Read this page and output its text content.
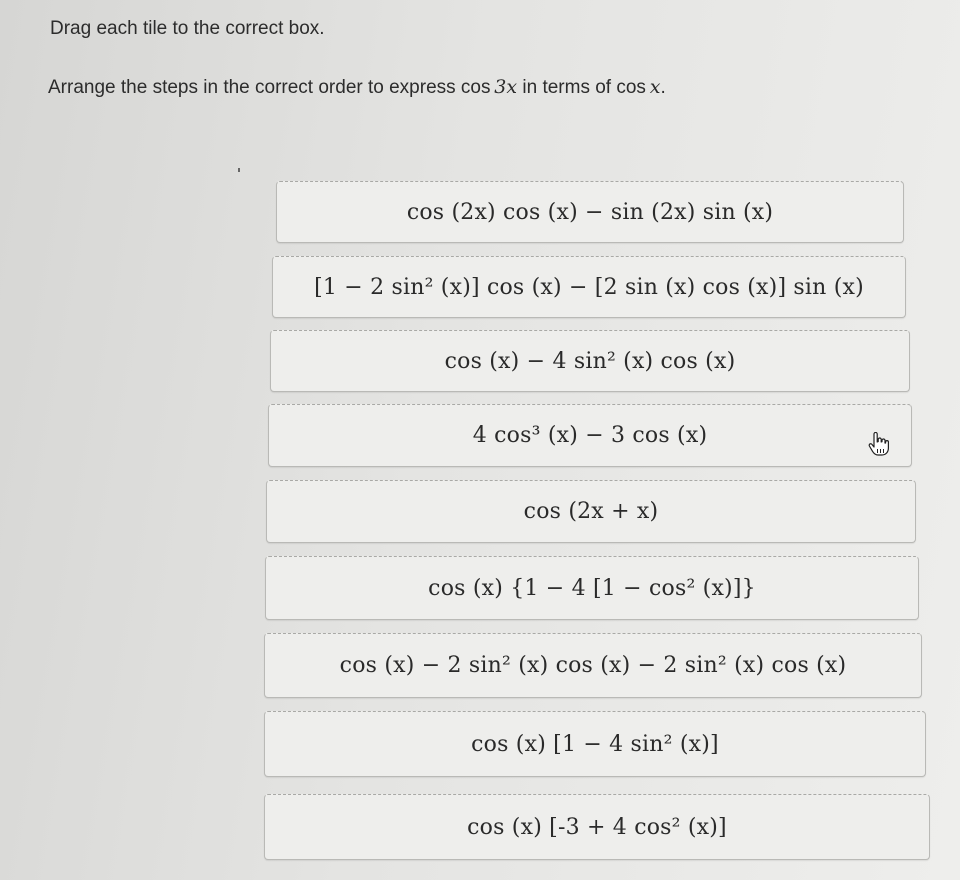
Drag each tile to the correct box.
Arrange the steps in the correct order to express cos 3x in terms of cos x.
cos (2x) cos (x) − sin (2x) sin (x)
[1 − 2 sin² (x)] cos (x) − [2 sin (x) cos (x)] sin (x)
cos (x) − 4 sin² (x) cos (x)
4 cos³ (x) − 3 cos (x)
cos (2x + x)
cos (x) {1 − 4 [1 − cos² (x)]}
cos (x) − 2 sin² (x) cos (x) − 2 sin² (x) cos (x)
cos (x) [1 − 4 sin² (x)]
cos (x) [-3 + 4 cos² (x)]
